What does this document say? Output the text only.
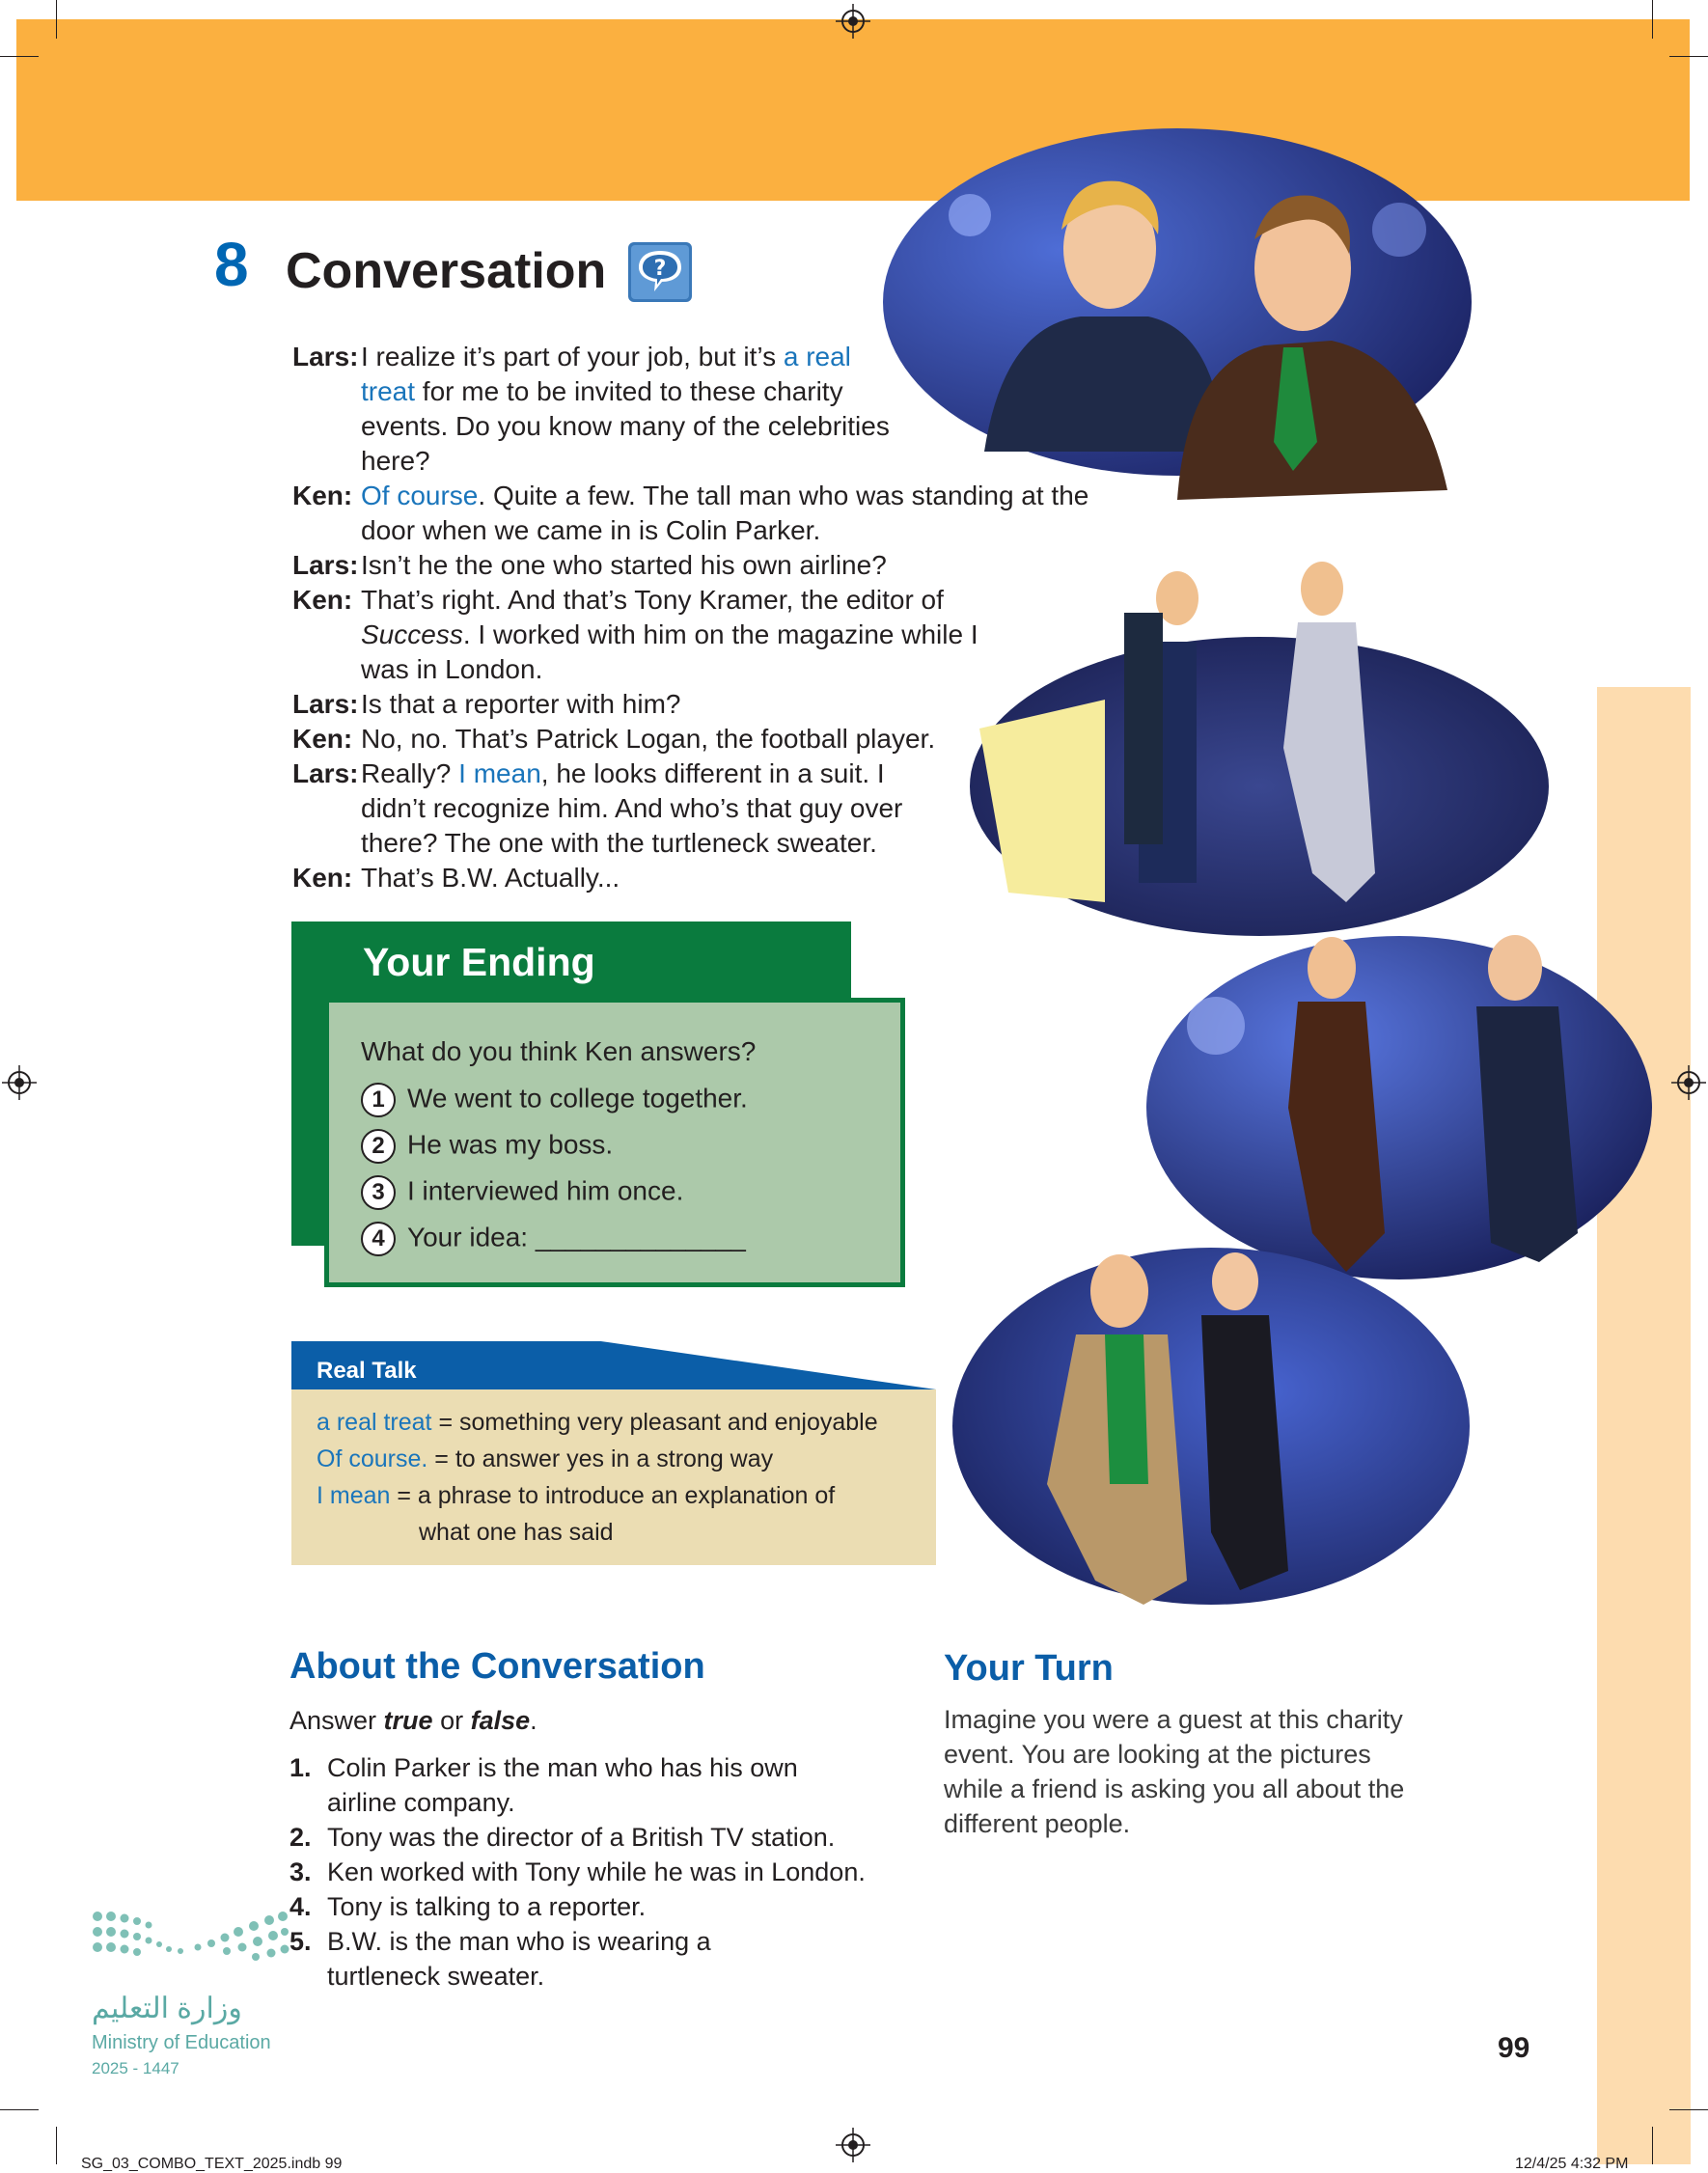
8 Conversation ?
Lars: I realize it’s part of your job, but it’s a real
treat for me to be invited to these charity
events. Do you know many of the celebrities
here?
Ken: Of course. Quite a few. The tall man who was standing at the
door when we came in is Colin Parker.
Lars: Isn’t he the one who started his own airline?
Ken: That’s right. And that’s Tony Kramer, the editor of
Success. I worked with him on the magazine while I
was in London.
Lars: Is that a reporter with him?
Ken: No, no. That’s Patrick Logan, the football player.
Lars: Really? I mean, he looks different in a suit. I
didn’t recognize him. And who’s that guy over
there? The one with the turtleneck sweater.
Ken: That’s B.W. Actually...
Your Ending
What do you think Ken answers?
1 We went to college together.
2 He was my boss.
3 I interviewed him once.
4 Your idea: ______________
Real Talk
a real treat = something very pleasant and enjoyable
Of course. = to answer yes in a strong way
I mean = a phrase to introduce an explanation of
what one has said
About the Conversation
Answer true or false.
1. Colin Parker is the man who has his own
airline company.
2. Tony was the director of a British TV station.
3. Ken worked with Tony while he was in London.
4. Tony is talking to a reporter.
5. B.W. is the man who is wearing a
turtleneck sweater.
Your Turn
Imagine you were a guest at this charity event. You are looking at the pictures while a friend is asking you all about the different people.
وزارة التعليم
Ministry of Education
2025 - 1447
99
SG_03_COMBO_TEXT_2025.indb 99	12/4/25 4:32 PM
